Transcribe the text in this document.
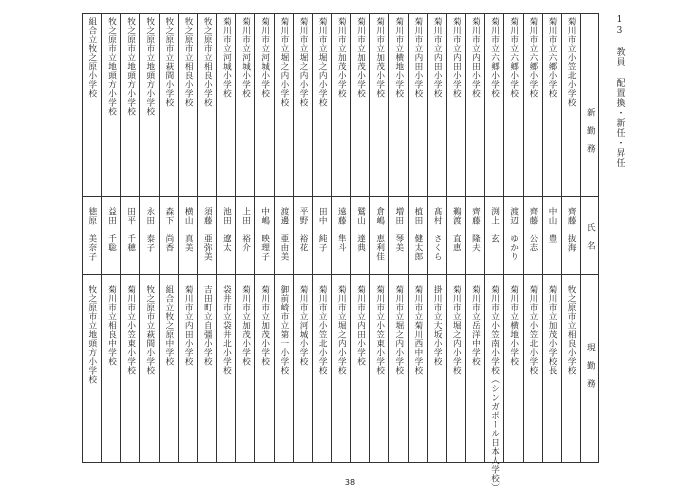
13　教員 配置換・新任・昇任
新　勤　務
氏　名
現　勤　務
菊川市立小笠北小学校
齊藤　抜海
牧之原市立相良小学校
菊川市立六郷小学校
中山　豊
菊川市立加茂小学校長
菊川市立六郷小学校
齊藤　公志
菊川市立小笠北小学校
菊川市立六郷小学校
渡辺　ゆかり
菊川市立横地小学校
菊川市立六郷小学校
渕上　玄
菊川市立小笠南小学校（シンガポール日本人学校）
菊川市立内田小学校
齊藤　隆夫
菊川市立岳洋中学校
菊川市立内田小学校
鵜渡　直恵
菊川市立堀之内小学校
菊川市立内田小学校
髙村　さくら
掛川市立大坂小学校
菊川市立内田小学校
植田　健太郎
菊川市立菊川西中学校
菊川市立横地小学校
増田　琴美
菊川市立堀之内小学校
菊川市立加茂小学校
倉嶋　恵利佳
菊川市立小笠東小学校
菊川市立加茂小学校
鷲山　達典
菊川市立内田小学校
菊川市立加茂小学校
遠藤　隼斗
菊川市立堀之内小学校
菊川市立堀之内小学校
田中　純子
菊川市立小笠北小学校
菊川市立堀之内小学校
平野　裕花
菊川市立河城小学校
菊川市立堀之内小学校
渡邊　亜由美
御前崎市立第一小学校
菊川市立河城小学校
中嶋　映理子
菊川市立加茂小学校
菊川市立河城小学校
上田　裕介
菊川市立加茂小学校
菊川市立河城小学校
池田　遼太
袋井市立袋井北小学校
牧之原市立相良小学校
須藤　亜弥美
吉田町立自彊小学校
牧之原市立相良小学校
横山　真美
菊川市立内田小学校
牧之原市立萩間小学校
森下　尚香
組合立牧之原中学校
牧之原市立地頭方小学校
永田　泰子
牧之原市立萩間小学校
牧之原市立地頭方小学校
田平　千穂
菊川市立小笠東小学校
牧之原市立地頭方小学校
益田　千聡
菊川市立相良中学校
組合立牧之原小学校
徳原　美奈子
牧之原市立地頭方小学校
38
